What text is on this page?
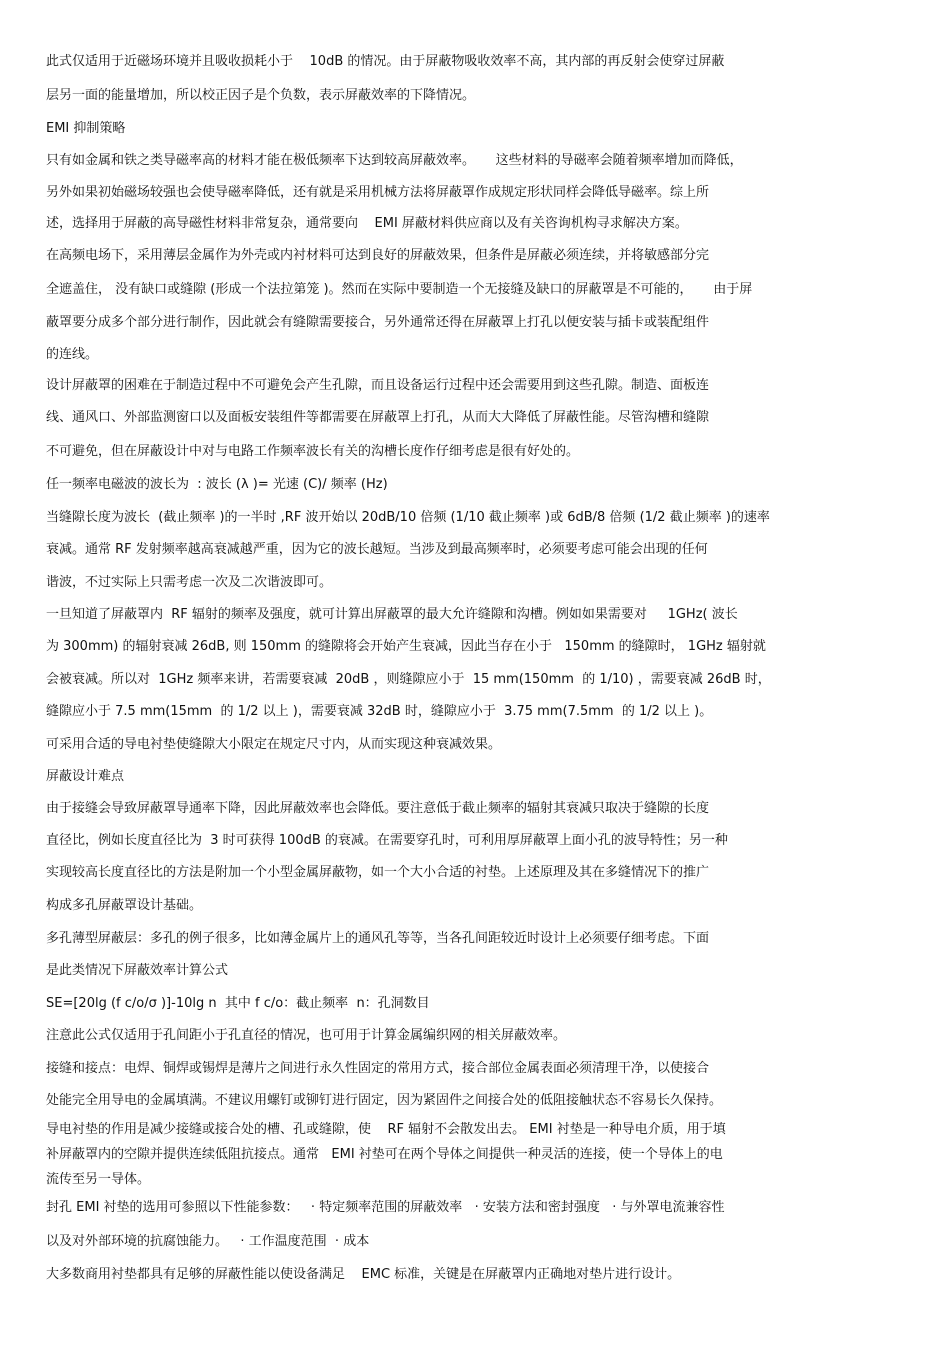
此式仅适用于近磁场环境并且吸收损耗小于    10dB 的情况。由于屏蔽物吸收效率不高，其内部的再反射会使穿过屏蔽
层另一面的能量增加，所以校正因子是个负数，表示屏蔽效率的下降情况。
EMI 抑制策略
只有如金属和铁之类导磁率高的材料才能在极低频率下达到较高屏蔽效率。     这些材料的导磁率会随着频率增加而降低，
另外如果初始磁场较强也会使导磁率降低，还有就是采用机械方法将屏蔽罩作成规定形状同样会降低导磁率。综上所
述，选择用于屏蔽的高导磁性材料非常复杂，通常要向    EMI 屏蔽材料供应商以及有关咨询机构寻求解决方案。
在高频电场下，采用薄层金属作为外壳或内衬材料可达到良好的屏蔽效果，但条件是屏蔽必须连续，并将敏感部分完
全遮盖住， 没有缺口或缝隙 (形成一个法拉第笼 )。然而在实际中要制造一个无接缝及缺口的屏蔽罩是不可能的，     由于屏
蔽罩要分成多个部分进行制作，因此就会有缝隙需要接合，另外通常还得在屏蔽罩上打孔以便安装与插卡或装配组件
的连线。
设计屏蔽罩的困难在于制造过程中不可避免会产生孔隙，而且设备运行过程中还会需要用到这些孔隙。制造、面板连
线、通风口、外部监测窗口以及面板安装组件等都需要在屏蔽罩上打孔，从而大大降低了屏蔽性能。尽管沟槽和缝隙
不可避免，但在屏蔽设计中对与电路工作频率波长有关的沟槽长度作仔细考虑是很有好处的。
任一频率电磁波的波长为  : 波长 (λ )= 光速 (C)/ 频率 (Hz)
当缝隙长度为波长  (截止频率 )的一半时 ,RF 波开始以 20dB/10 倍频 (1/10 截止频率 )或 6dB/8 倍频 (1/2 截止频率 )的速率
衰减。通常 RF 发射频率越高衰减越严重，因为它的波长越短。当涉及到最高频率时，必须要考虑可能会出现的任何
谐波，不过实际上只需考虑一次及二次谐波即可。
一旦知道了屏蔽罩内  RF 辐射的频率及强度，就可计算出屏蔽罩的最大允许缝隙和沟槽。例如如果需要对     1GHz( 波长
为 300mm) 的辐射衰减 26dB, 则 150mm 的缝隙将会开始产生衰减，因此当存在小于   150mm 的缝隙时， 1GHz 辐射就
会被衰减。所以对  1GHz 频率来讲，若需要衰减  20dB ，则缝隙应小于  15 mm(150mm  的 1/10) ，需要衰减 26dB 时，
缝隙应小于 7.5 mm(15mm  的 1/2 以上 )，需要衰减 32dB 时，缝隙应小于  3.75 mm(7.5mm  的 1/2 以上 )。
可采用合适的导电衬垫使缝隙大小限定在规定尺寸内，从而实现这种衰减效果。
屏蔽设计难点
由于接缝会导致屏蔽罩导通率下降，因此屏蔽效率也会降低。要注意低于截止频率的辐射其衰减只取决于缝隙的长度
直径比，例如长度直径比为  3 时可获得 100dB 的衰减。在需要穿孔时，可利用厚屏蔽罩上面小孔的波导特性；另一种
实现较高长度直径比的方法是附加一个小型金属屏蔽物，如一个大小合适的衬垫。上述原理及其在多缝情况下的推广
构成多孔屏蔽罩设计基础。
多孔薄型屏蔽层：多孔的例子很多，比如薄金属片上的通风孔等等，当各孔间距较近时设计上必须要仔细考虑。下面
是此类情况下屏蔽效率计算公式
SE=[20lg (f c/o/σ )]-10lg n  其中 f c/o：截止频率  n：孔洞数目
注意此公式仅适用于孔间距小于孔直径的情况，也可用于计算金属编织网的相关屏蔽效率。
接缝和接点：电焊、铜焊或锡焊是薄片之间进行永久性固定的常用方式，接合部位金属表面必须清理干净，以使接合
处能完全用导电的金属填满。不建议用螺钉或铆钉进行固定，因为紧固件之间接合处的低阻接触状态不容易长久保持。
导电衬垫的作用是减少接缝或接合处的槽、孔或缝隙，使    RF 辐射不会散发出去。 EMI 衬垫是一种导电介质，用于填
补屏蔽罩内的空隙并提供连续低阻抗接点。通常   EMI 衬垫可在两个导体之间提供一种灵活的连接，使一个导体上的电
流传至另一导体。
封孔 EMI 衬垫的选用可参照以下性能参数：   · 特定频率范围的屏蔽效率   · 安装方法和密封强度   · 与外罩电流兼容性
以及对外部环境的抗腐蚀能力。   · 工作温度范围  · 成本
大多数商用衬垫都具有足够的屏蔽性能以使设备满足    EMC 标准，关键是在屏蔽罩内正确地对垫片进行设计。
